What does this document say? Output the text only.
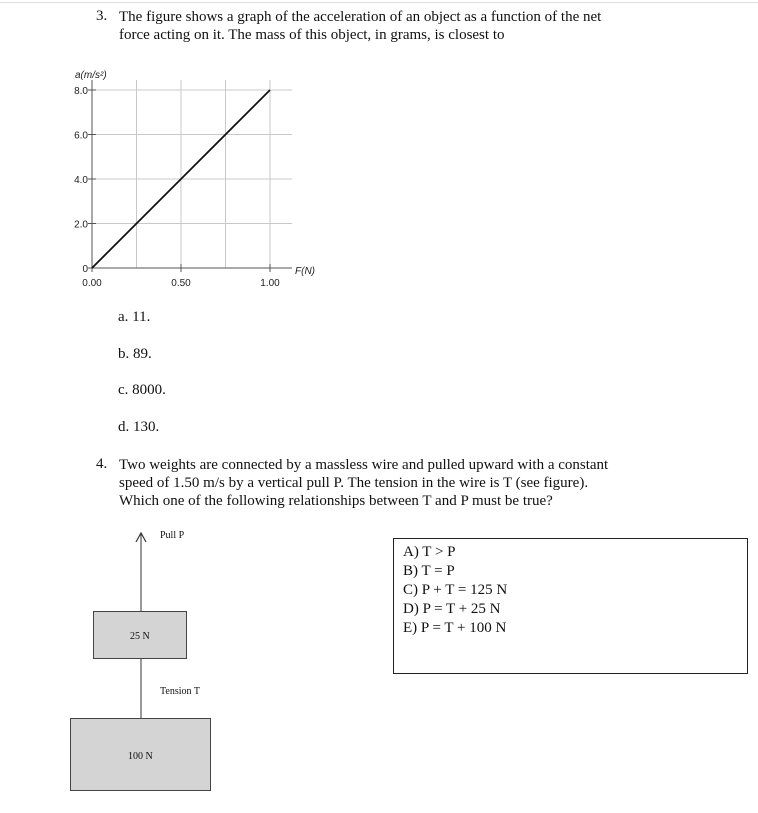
3. The figure shows a graph of the acceleration of an object as a function of the net
force acting on it. The mass of this object, in grams, is closest to
0.00	0.50	1.00
0
2.0
4.0
6.0
8.0
a(m/s²)
F(N)
a. 11.
b. 89.
c. 8000.
d. 130.
4. Two weights are connected by a massless wire and pulled upward with a constant
speed of 1.50 m/s by a vertical pull P. The tension in the wire is T (see figure).
Which one of the following relationships between T and P must be true?
Pull P
25 N
Tension T
100 N
A) T > P
B) T = P
C) P + T = 125 N
D) P = T + 25 N
E) P = T + 100 N
